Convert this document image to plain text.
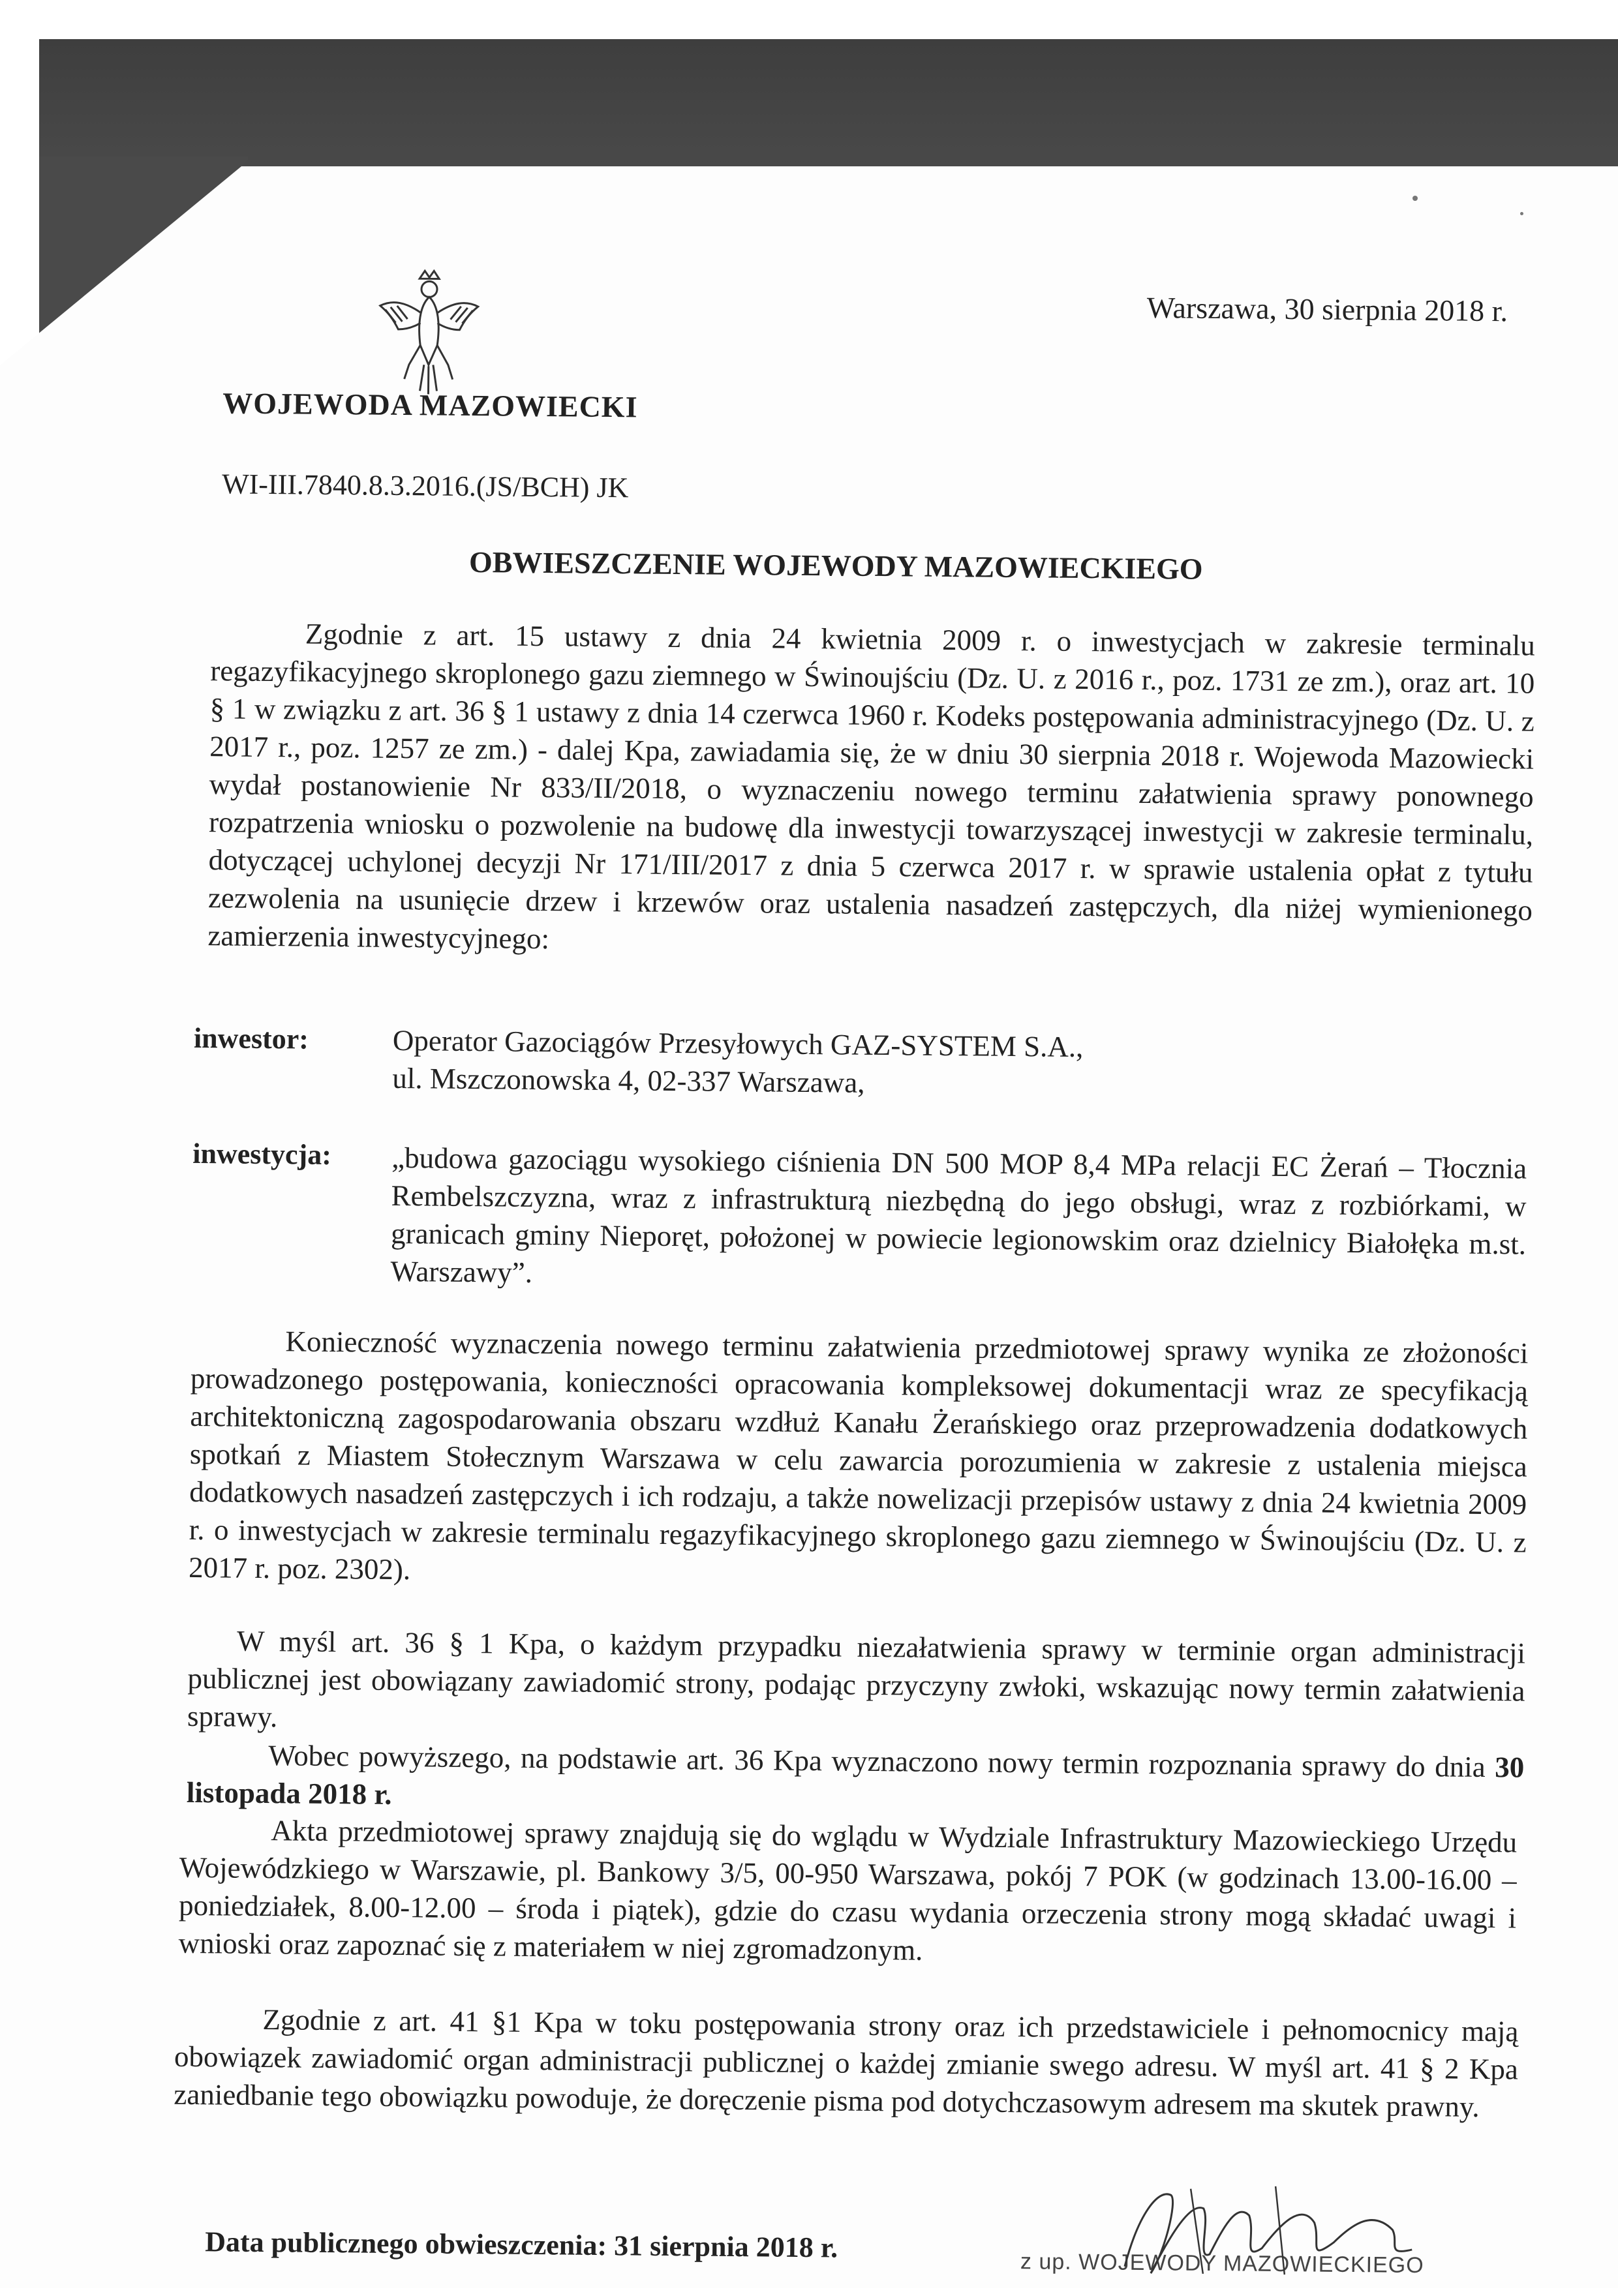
Warszawa, 30 sierpnia 2018 r.
WOJEWODA MAZOWIECKI
WI-III.7840.8.3.2016.(JS/BCH) JK
OBWIESZCZENIE WOJEWODY MAZOWIECKIEGO

Zgodnie z art. 15 ustawy z dnia 24 kwietnia 2009 r. o inwestycjach w zakresie terminalu regazyfikacyjnego skroplonego gazu ziemnego w Świnoujściu (Dz. U. z 2016 r., poz. 1731 ze zm.), oraz art. 10 § 1 w związku z art. 36 § 1 ustawy z dnia 14 czerwca 1960 r. Kodeks postępowania administracyjnego (Dz. U. z 2017 r., poz. 1257 ze zm.) - dalej Kpa, zawiadamia się, że w dniu 30 sierpnia 2018 r. Wojewoda Mazowiecki wydał postanowienie Nr 833/II/2018, o wyznaczeniu nowego terminu załatwienia sprawy ponownego rozpatrzenia wniosku o pozwolenie na budowę dla inwestycji towarzyszącej inwestycji w zakresie terminalu, dotyczącej uchylonej decyzji Nr 171/III/2017 z dnia 5 czerwca 2017 r. w sprawie ustalenia opłat z tytułu zezwolenia na usunięcie drzew i krzewów oraz ustalenia nasadzeń zastępczych, dla niżej wymienionego zamierzenia inwestycyjnego:

inwestor:	Operator Gazociągów Przesyłowych GAZ-SYSTEM S.A.,
ul. Mszczonowska 4, 02-337 Warszawa,
inwestycja: „budowa gazociągu wysokiego ciśnienia DN 500 MOP 8,4 MPa relacji EC Żerań – Tłocznia Rembelszczyzna, wraz z infrastrukturą niezbędną do jego obsługi, wraz z rozbiórkami, w granicach gminy Nieporęt, położonej w powiecie legionowskim oraz dzielnicy Białołęka m.st. Warszawy”.

Konieczność wyznaczenia nowego terminu załatwienia przedmiotowej sprawy wynika ze złożoności prowadzonego postępowania, konieczności opracowania kompleksowej dokumentacji wraz ze specyfikacją architektoniczną zagospodarowania obszaru wzdłuż Kanału Żerańskiego oraz przeprowadzenia dodatkowych spotkań z Miastem Stołecznym Warszawa w celu zawarcia porozumienia w zakresie z ustalenia miejsca dodatkowych nasadzeń zastępczych i ich rodzaju, a także nowelizacji przepisów ustawy z dnia 24 kwietnia 2009 r. o inwestycjach w zakresie terminalu regazyfikacyjnego skroplonego gazu ziemnego w Świnoujściu (Dz. U. z 2017 r. poz. 2302).

W myśl art. 36 § 1 Kpa, o każdym przypadku niezałatwienia sprawy w terminie organ administracji publicznej jest obowiązany zawiadomić strony, podając przyczyny zwłoki, wskazując nowy termin załatwienia sprawy.

Wobec powyższego, na podstawie art. 36 Kpa wyznaczono nowy termin rozpoznania sprawy do dnia 30 listopada 2018 r.

Akta przedmiotowej sprawy znajdują się do wglądu w Wydziale Infrastruktury Mazowieckiego Urzędu Wojewódzkiego w Warszawie, pl. Bankowy 3/5, 00-950 Warszawa, pokój 7 POK (w godzinach 13.00-16.00 – poniedziałek, 8.00-12.00 – środa i piątek), gdzie do czasu wydania orzeczenia strony mogą składać uwagi i wnioski oraz zapoznać się z materiałem w niej zgromadzonym.

Zgodnie z art. 41 §1 Kpa w toku postępowania strony oraz ich przedstawiciele i pełnomocnicy mają obowiązek zawiadomić organ administracji publicznej o każdej zmianie swego adresu. W myśl art. 41 § 2 Kpa zaniedbanie tego obowiązku powoduje, że doręczenie pisma pod dotychczasowym adresem ma skutek prawny.

Data publicznego obwieszczenia: 31 sierpnia 2018 r.	z up. WOJEWODY MAZOWIECKIEGO
